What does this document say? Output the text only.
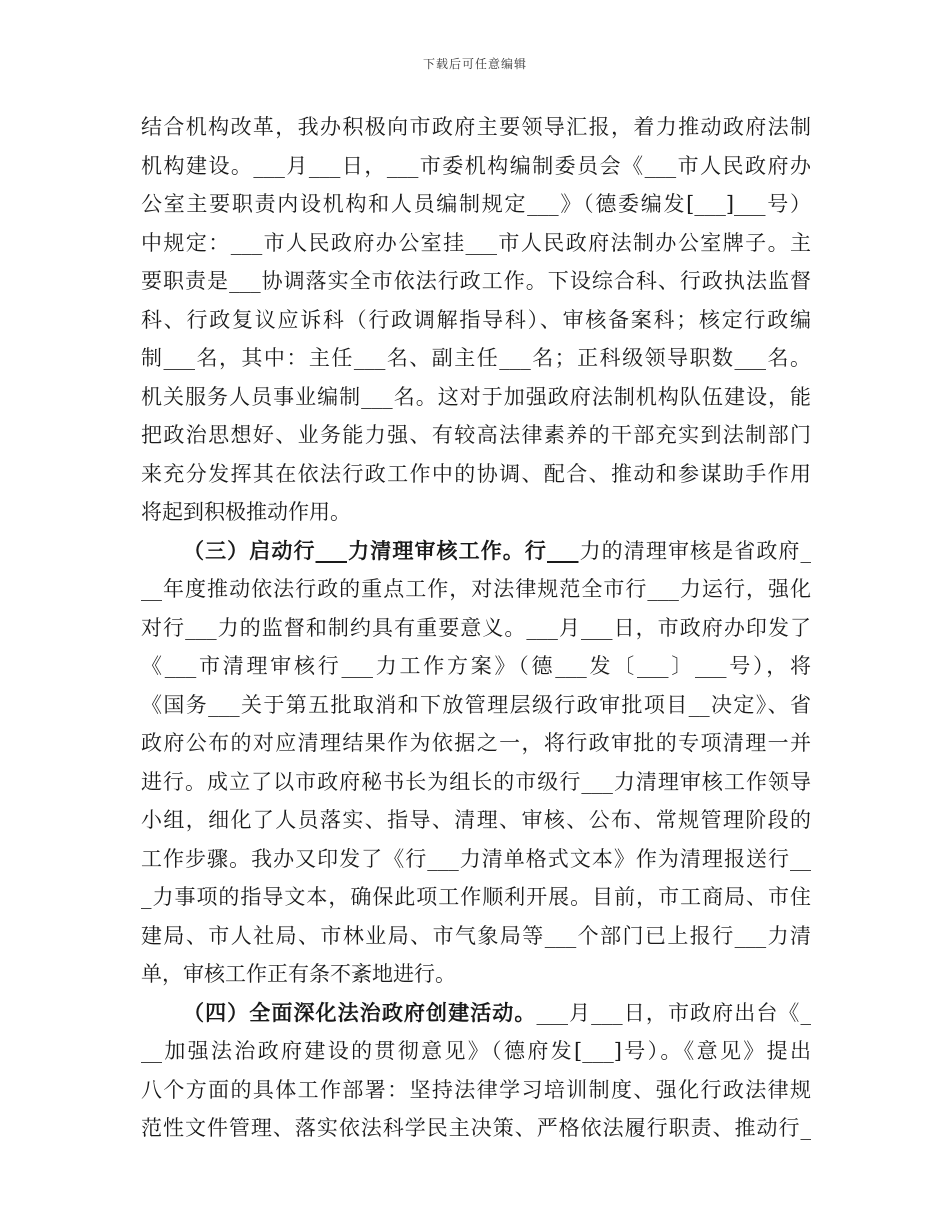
下载后可任意编辑
结合机构改革，我办积极向市政府主要领导汇报，着力推动政府法制
机构建设。___月___日，___市委机构编制委员会《___市人民政府办
公室主要职责内设机构和人员编制规定___》（德委编发[___]___号）
中规定：___市人民政府办公室挂___市人民政府法制办公室牌子。主
要职责是___协调落实全市依法行政工作。下设综合科、行政执法监督
科、行政复议应诉科（行政调解指导科）、审核备案科；核定行政编
制___名，其中：主任___名、副主任___名；正科级领导职数___名。
机关服务人员事业编制___名。这对于加强政府法制机构队伍建设，能
把政治思想好、业务能力强、有较高法律素养的干部充实到法制部门
来充分发挥其在依法行政工作中的协调、配合、推动和参谋助手作用
将起到积极推动作用。
（三）启动行___力清理审核工作。行___力的清理审核是省政府_
__年度推动依法行政的重点工作，对法律规范全市行___力运行，强化
对行___力的监督和制约具有重要意义。___月___日，市政府办印发了
《___市清理审核行___力工作方案》（德___发〔___〕___号），将
《国务___关于第五批取消和下放管理层级行政审批项目__决定》、省
政府公布的对应清理结果作为依据之一，将行政审批的专项清理一并
进行。成立了以市政府秘书长为组长的市级行___力清理审核工作领导
小组，细化了人员落实、指导、清理、审核、公布、常规管理阶段的
工作步骤。我办又印发了《行___力清单格式文本》作为清理报送行__
_力事项的指导文本，确保此项工作顺利开展。目前，市工商局、市住
建局、市人社局、市林业局、市气象局等___个部门已上报行___力清
单，审核工作正有条不紊地进行。
（四）全面深化法治政府创建活动。___月___日，市政府出台《_
__加强法治政府建设的贯彻意见》（德府发[___]号）。《意见》提出
八个方面的具体工作部署：坚持法律学习培训制度、强化行政法律规
范性文件管理、落实依法科学民主决策、严格依法履行职责、推动行_
